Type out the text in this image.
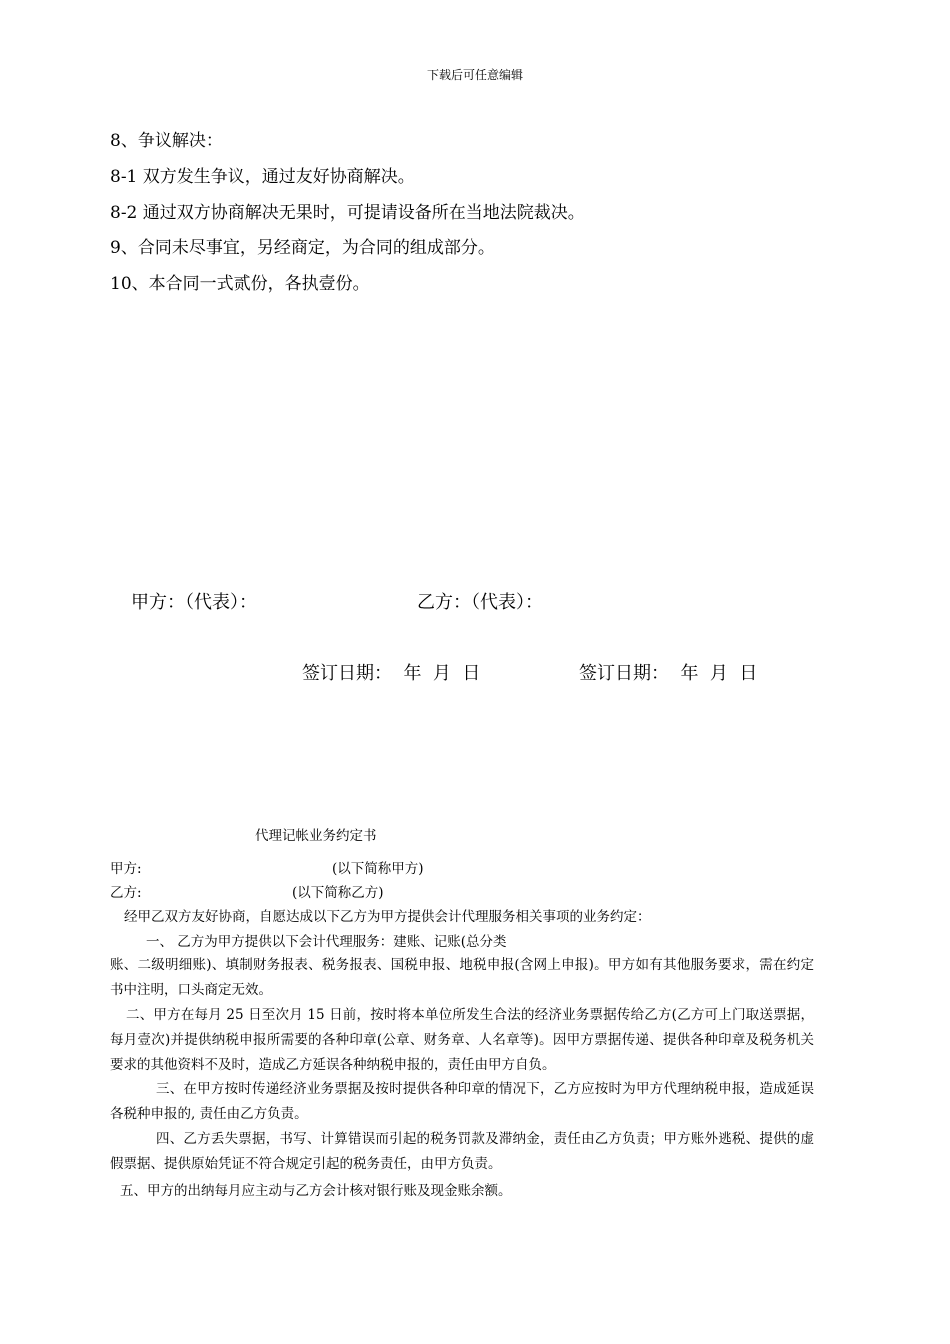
下载后可任意编辑
8、争议解决：
8-1 双方发生争议，通过友好协商解决。
8-2 通过双方协商解决无果时，可提请设备所在当地法院裁决。
9、合同未尽事宜，另经商定，为合同的组成部分。
10、本合同一式贰份，各执壹份。
甲方：（代表）：	乙方：（代表）：
签订日期：  年  月  日	签订日期：  年  月  日
代理记帐业务约定书
甲方:	(以下简称甲方)
乙方:	(以下简称乙方)
经甲乙双方友好协商，自愿达成以下乙方为甲方提供会计代理服务相关事项的业务约定：
一、 乙方为甲方提供以下会计代理服务：建账、记账(总分类
账、二级明细账)、填制财务报表、税务报表、国税申报、地税申报(含网上申报)。甲方如有其他服务要求，需在约定书中注明，口头商定无效。
二、甲方在每月 25 日至次月 15 日前，按时将本单位所发生合法的经济业务票据传给乙方(乙方可上门取送票据，每月壹次)并提供纳税申报所需要的各种印章(公章、财务章、人名章等)。因甲方票据传递、提供各种印章及税务机关要求的其他资料不及时，造成乙方延误各种纳税申报的，责任由甲方自负。
三、在甲方按时传递经济业务票据及按时提供各种印章的情况下，乙方应按时为甲方代理纳税申报，造成延误各税种申报的, 责任由乙方负责。
四、乙方丢失票据，书写、计算错误而引起的税务罚款及滞纳金，责任由乙方负责；甲方账外逃税、提供的虚假票据、提供原始凭证不符合规定引起的税务责任，由甲方负责。
五、甲方的出纳每月应主动与乙方会计核对银行账及现金账余额。
